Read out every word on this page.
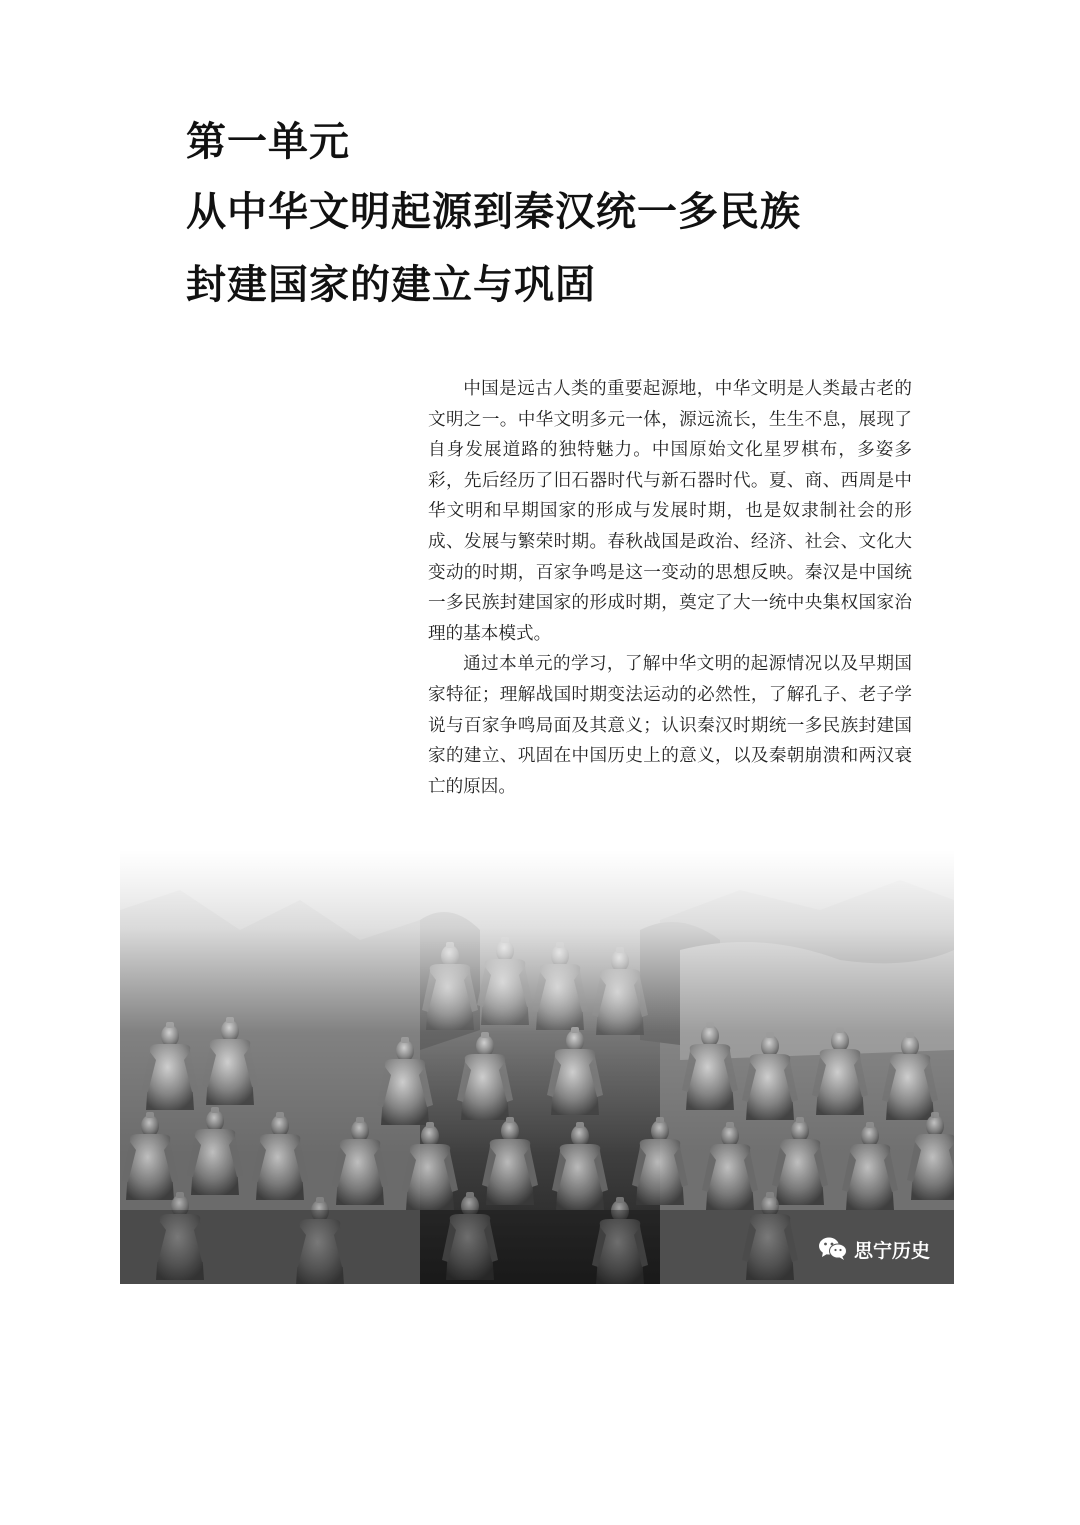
第一单元
从中华文明起源到秦汉统一多民族
封建国家的建立与巩固

中国是远古人类的重要起源地，中华文明是人类最古老的文明之一。中华文明多元一体，源远流长，生生不息，展现了自身发展道路的独特魅力。中国原始文化星罗棋布，多姿多彩，先后经历了旧石器时代与新石器时代。夏、商、西周是中华文明和早期国家的形成与发展时期，也是奴隶制社会的形成、发展与繁荣时期。春秋战国是政治、经济、社会、文化大变动的时期，百家争鸣是这一变动的思想反映。秦汉是中国统一多民族封建国家的形成时期，奠定了大一统中央集权国家治理的基本模式。

通过本单元的学习，了解中华文明的起源情况以及早期国家特征；理解战国时期变法运动的必然性，了解孔子、老子学说与百家争鸣局面及其意义；认识秦汉时期统一多民族封建国家的建立、巩固在中国历史上的意义，以及秦朝崩溃和两汉衰亡的原因。

思宁历史
